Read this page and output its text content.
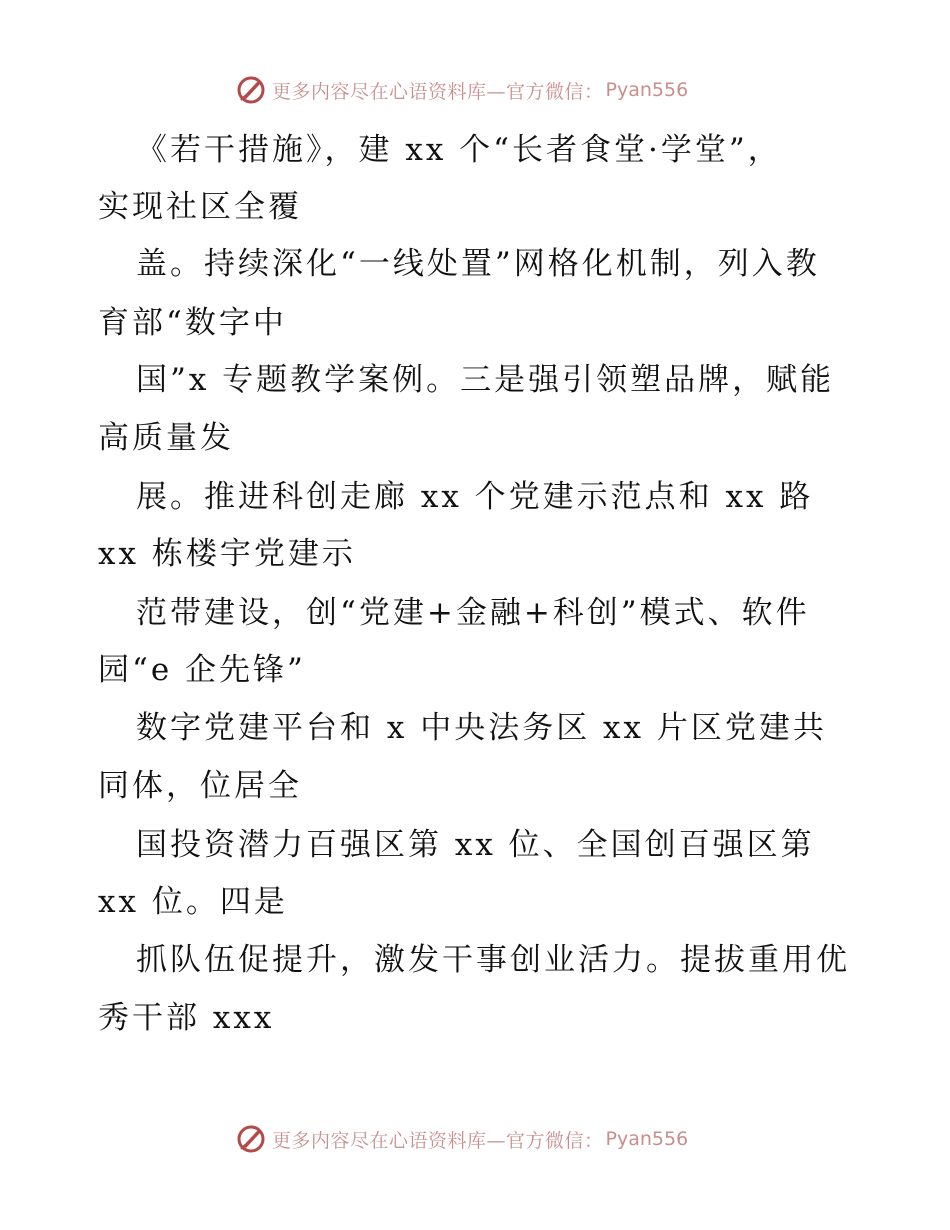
更多内容尽在心语资料库—官方微信： Pyan556
《若干措施》，建 xx 个“长者食堂·学堂”，
实现社区全覆
盖。持续深化“一线处置”网格化机制，列入教
育部“数字中
国”x 专题教学案例。三是强引领塑品牌，赋能
高质量发
展。推进科创走廊 xx 个党建示范点和 xx 路
xx 栋楼宇党建示
范带建设，创“党建+金融+科创”模式、软件
园“e 企先锋”
数字党建平台和 x 中央法务区 xx 片区党建共
同体，位居全
国投资潜力百强区第 xx 位、全国创百强区第
xx 位。四是
抓队伍促提升，激发干事创业活力。提拔重用优
秀干部 xxx
更多内容尽在心语资料库—官方微信： Pyan556
